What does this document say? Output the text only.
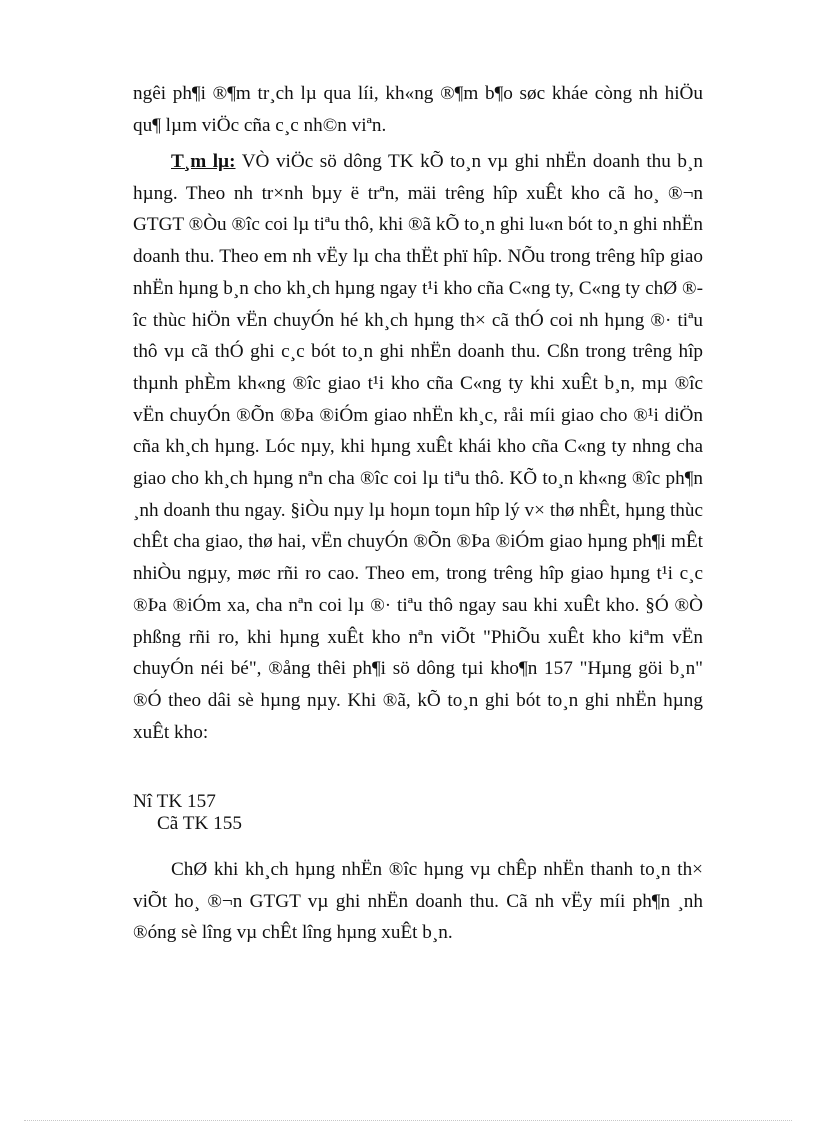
ngêi ph¶i ®¶m tr¸ch lµ qua líi, kh«ng ®¶m b¶o søc kháe còng nh hiÖu qu¶ lµm viÖc cña c¸c nh©n viªn.

T¸m lµ: VÒ viÖc sö dông TK kÕ to¸n vµ ghi nhËn doanh thu b¸n hµng. Theo nh tr×nh bµy ë trªn, mäi trêng hîp xuÊt kho cã ho¸ ®¬n GTGT ®Òu ®îc coi lµ tiªu thô, khi ®ã kÕ to¸n ghi lu«n bót to¸n ghi nhËn doanh thu. Theo em nh vËy lµ cha thËt phï hîp. NÕu trong trêng hîp giao nhËn hµng b¸n cho kh¸ch hµng ngay t¹i kho cña C«ng ty, C«ng ty chØ ®îc thùc hiÖn vËn chuyÓn hé kh¸ch hµng th× cã thÓ coi nh hµng ®· tiªu thô vµ cã thÓ ghi c¸c bót to¸n ghi nhËn doanh thu. Cßn trong trêng hîp thµnh phÈm kh«ng ®îc giao t¹i kho cña C«ng ty khi xuÊt b¸n, mµ ®îc vËn chuyÓn ®Õn ®Þa ®iÓm giao nhËn kh¸c, råi míi giao cho ®¹i diÖn cña kh¸ch hµng. Lóc nµy, khi hµng xuÊt khái kho cña C«ng ty nhng cha giao cho kh¸ch hµng nªn cha ®îc coi lµ tiªu thô. KÕ to¸n kh«ng ®îc ph¶n ¸nh doanh thu ngay. §iÒu nµy lµ hoµn toµn hîp lý v× thø nhÊt, hµng thùc chÊt cha giao, thø hai, vËn chuyÓn ®Õn ®Þa ®iÓm giao hµng ph¶i mÊt nhiÒu ngµy, møc rñi ro cao. Theo em, trong trêng hîp giao hµng t¹i c¸c ®Þa ®iÓm xa, cha nªn coi lµ ®· tiªu thô ngay sau khi xuÊt kho. §Ó ®Ò phßng rñi ro, khi hµng xuÊt kho nªn viÕt "PhiÕu xuÊt kho kiªm vËn chuyÓn néi bé", ®ång thêi ph¶i sö dông tµi kho¶n 157 "Hµng göi b¸n" ®Ó theo dâi sè hµng nµy. Khi ®ã, kÕ to¸n ghi bót to¸n ghi nhËn hµng xuÊt kho:

Nî TK 157

Cã TK 155

ChØ khi kh¸ch hµng nhËn ®îc hµng vµ chÊp nhËn thanh to¸n th× viÕt ho¸ ®¬n GTGT vµ ghi nhËn doanh thu. Cã nh vËy míi ph¶n ¸nh ®óng sè lîng vµ chÊt lîng hµng xuÊt b¸n.
